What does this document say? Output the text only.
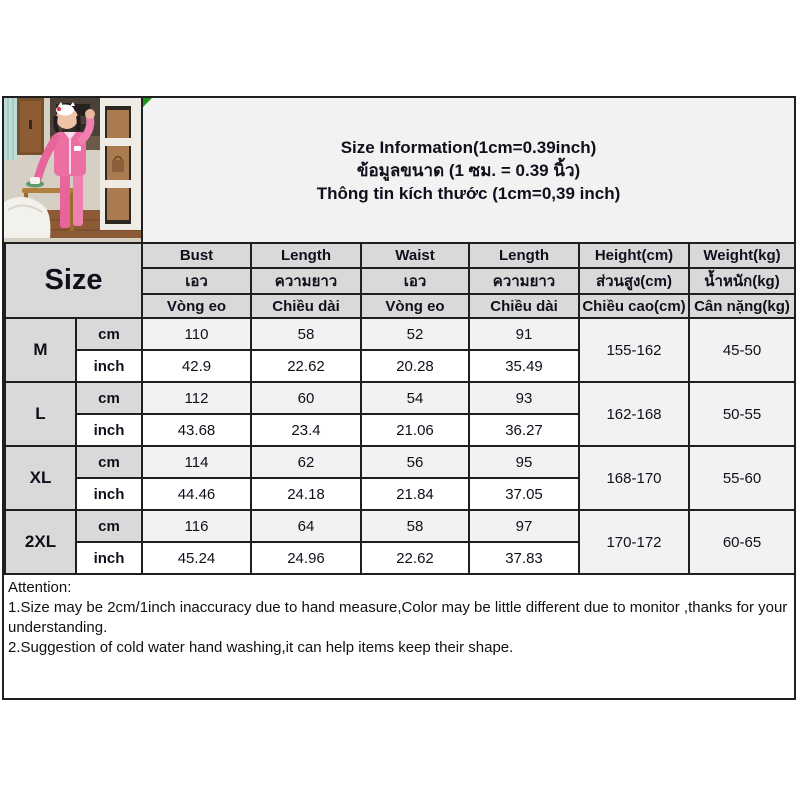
Size Information(1cm=0.39inch)
ข้อมูลขนาด (1 ซม. = 0.39 นิ้ว)
Thông tin kích thước (1cm=0,39 inch)
Size		Bust	Length	Waist	Length	Height(cm)	Weight(kg)
		เอว	ความยาว	เอว	ความยาว	ส่วนสูง(cm)	น้ำหนัก(kg)
		Vòng eo	Chiều dài	Vòng eo	Chiều dài	Chiều cao(cm)	Cân nặng(kg)
M	cm	110	58	52	91	155-162	45-50
	inch	42.9	22.62	20.28	35.49		
L	cm	112	60	54	93	162-168	50-55
	inch	43.68	23.4	21.06	36.27		
XL	cm	114	62	56	95	168-170	55-60
	inch	44.46	24.18	21.84	37.05		
2XL	cm	116	64	58	97	170-172	60-65
	inch	45.24	24.96	22.62	37.83		

Attention:

1.Size may be 2cm/1inch inaccuracy due to hand measure,Color may be little different due to monitor ,thanks for your understanding.

2.Suggestion of cold water hand washing,it can help items keep their shape.
